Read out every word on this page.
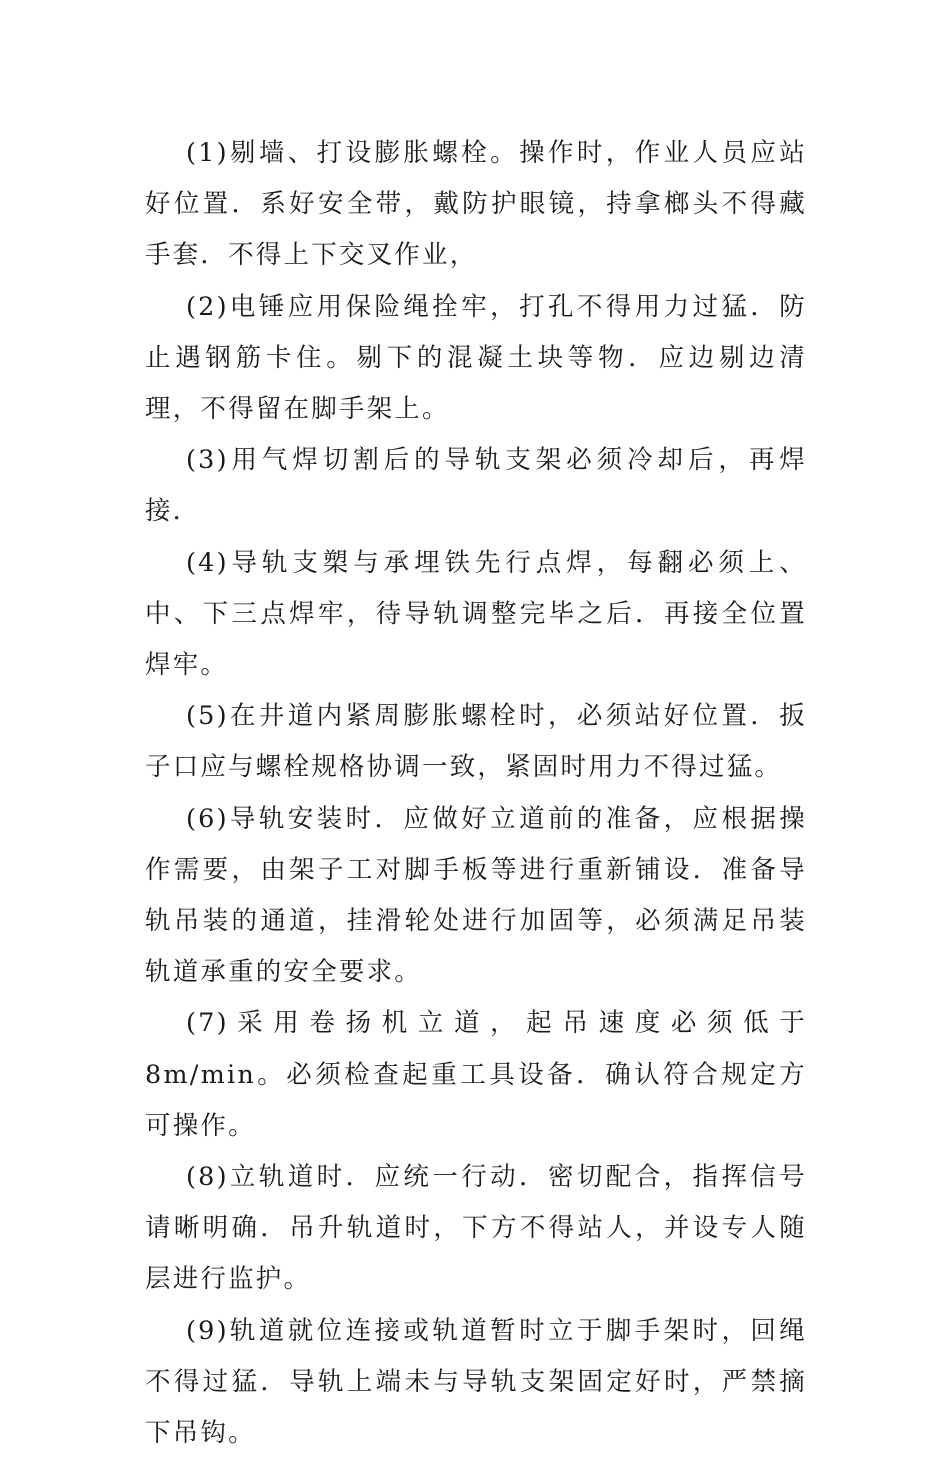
(1)剔墙、打设膨胀螺栓。操作时，作业人员应站好位置．系好安全带，戴防护眼镜，持拿榔头不得藏手套．不得上下交叉作业，

(2)电锤应用保险绳拴牢，打孔不得用力过猛．防止遇钢筋卡住。剔下的混凝土块等物．应边剔边清理，不得留在脚手架上。

(3)用气焊切割后的导轨支架必须冷却后，再焊接．

(4)导轨支槊与承埋铁先行点焊，每翻必须上、中、下三点焊牢，待导轨调整完毕之后．再接全位置焊牢。

(5)在井道内紧周膨胀螺栓时，必须站好位置．扳子口应与螺栓规格协调一致，紧固时用力不得过猛。

(6)导轨安装时．应做好立道前的准备，应根据操作需要，由架子工对脚手板等进行重新铺设．准备导轨吊装的通道，挂滑轮处进行加固等，必须满足吊装轨道承重的安全要求。

(7)采用卷扬机立道，起吊速度必须低于 8m/min。必须检查起重工具设备．确认符合规定方可操作。

(8)立轨道时．应统一行动．密切配合，指挥信号请晰明确．吊升轨道时，下方不得站人，并设专人随层进行监护。

(9)轨道就位连接或轨道暂时立于脚手架时，回绳不得过猛．导轨上端未与导轨支架固定好时，严禁摘下吊钩。
